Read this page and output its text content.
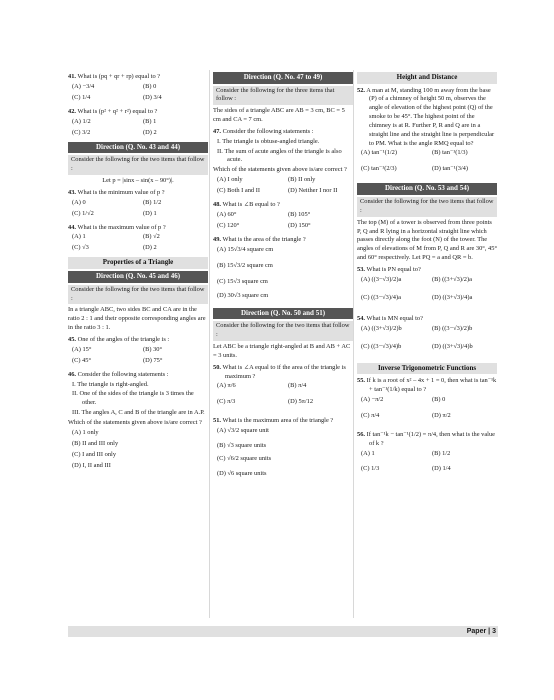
41. What is (pq + qr + rp) equal to ?
(A) −3/4	(B) 0
(C) 1/4	(D) 3/4
42. What is (p² + q² + r²) equal to ?
(A) 1/2	(B) 1
(C) 3/2	(D) 2
Direction (Q. No. 43 and 44)
Consider the following for the two items that follow :
Let p = |sinx – sin(x – 90°)|.
43. What is the minimum value of p ?
(A) 0	(B) 1/2
(C) 1/√2	(D) 1
44. What is the maximum value of p ?
(A) 1	(B) √2
(C) √3	(D) 2
Properties of a Triangle
Direction (Q. No. 45 and 46)
Consider the following for the two items that follow :
In a triangle ABC, two sides BC and CA are in the ratio 2 : 1 and their opposite corresponding angles are in the ratio 3 : 1.
45. One of the angles of the triangle is :
(A) 15°	(B) 30°
(C) 45°	(D) 75°
46. Consider the following statements :
I. The triangle is right-angled.
II. One of the sides of the triangle is 3 times the other.
III. The angles A, C and B of the triangle are in A.P.
Which of the statements given above is/are correct ?
(A) 1 only
(B) II and III only
(C) I and III only
(D) I, II and III
Direction (Q. No. 47 to 49)
Consider the following for the three items that follow :
The sides of a triangle ABC are AB = 3 cm, BC = 5 cm and CA = 7 cm.
47. Consider the following statements :
I. The triangle is obtuse-angled triangle.
II. The sum of acute angles of the triangle is also acute.
Which of the statements given above is/are correct ?
(A) I only	(B) II only
(C) Both I and II	(D) Neither I nor II
48. What is ∠B equal to ?
(A) 60°	(B) 105°
(C) 120°	(D) 150°
49. What is the area of the triangle ?
(A) 15√3/4 square cm
(B) 15√3/2 square cm
(C) 15√3 square cm
(D) 30√3 square cm
Direction (Q. No. 50 and 51)
Consider the following for the two items that follow :
Let ABC be a triangle right-angled at B and AB + AC = 3 units.
50. What is ∠A equal to if the area of the triangle is maximum ?
(A) π/6	(B) π/4
(C) π/3	(D) 5π/12
51. What is the maximum area of the triangle ?
(A) √3/2 square unit
(B) √3 square units
(C) √6/2 square units
(D) √6 square units
Height and Distance
52. A man at M, standing 100 m away from the base (P) of a chimney of height 50 m, observes the angle of elevation of the highest point (Q) of the smoke to be 45°. The highest point of the chimney is at R. Further P, R and Q are in a straight line and the straight line is perpendicular to PM. What is the angle RMQ equal to?
(A) tan⁻¹(1/2)	(B) tan⁻¹(1/3)
(C) tan⁻¹(2/3)	(D) tan⁻¹(3/4)
Direction (Q. No. 53 and 54)
Consider the following for the two items that follow :
The top (M) of a tower is observed from three points P, Q and R lying in a horizontal straight line which passes directly along the foot (N) of the tower. The angles of elevations of M from P, Q and R are 30°, 45° and 60° respectively. Let PQ = a and QR = b.
53. What is PN equal to?
(A) ((3−√3)/2)a	(B) ((3+√3)/2)a
(C) ((3−√3)/4)a	(D) ((3+√3)/4)a
54. What is MN equal to?
(A) ((3+√3)/2)b	(B) ((3−√3)/2)b
(C) ((3−√3)/4)b	(D) ((3+√3)/4)b
Inverse Trigonometric Functions
55. If k is a root of x² – 4x + 1 = 0, then what is tan⁻¹k + tan⁻¹(1/k) equal to ?
(A) −π/2	(B) 0
(C) π/4	(D) π/2
56. If tan⁻¹k − tan⁻¹(1/2) = π/4, then what is the value of k ?
(A) 1	(B) 1/2
(C) 1/3	(D) 1/4
Paper | 3
